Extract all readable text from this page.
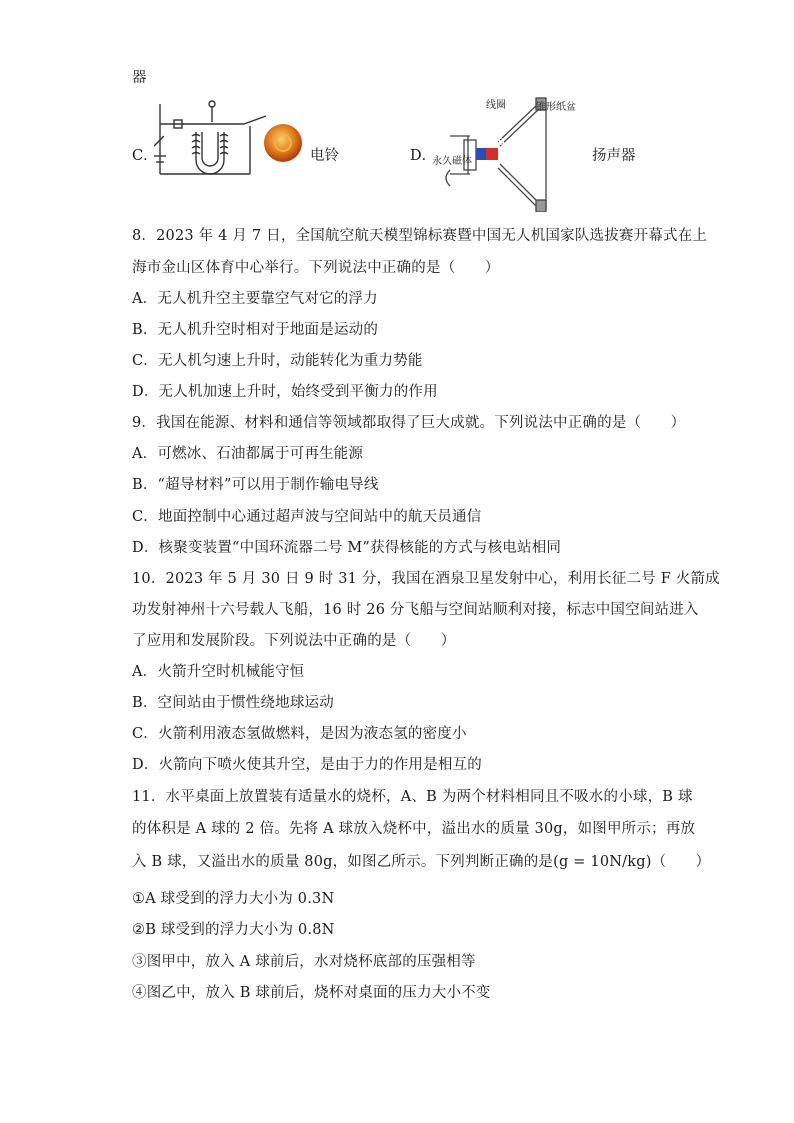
器
C．	电铃	D．
N S
线圈	锥形纸盆
永久磁体	扬声器
8．2023 年 4 月 7 日，全国航空航天模型锦标赛暨中国无人机国家队选拔赛开幕式在上
海市金山区体育中心举行。下列说法中正确的是（　　）
A．无人机升空主要靠空气对它的浮力
B．无人机升空时相对于地面是运动的
C．无人机匀速上升时，动能转化为重力势能
D．无人机加速上升时，始终受到平衡力的作用
9．我国在能源、材料和通信等领域都取得了巨大成就。下列说法中正确的是（　　）
A．可燃冰、石油都属于可再生能源
B．“超导材料”可以用于制作输电导线
C．地面控制中心通过超声波与空间站中的航天员通信
D．核聚变装置“中国环流器二号 M”获得核能的方式与核电站相同
10．2023 年 5 月 30 日 9 时 31 分，我国在酒泉卫星发射中心，利用长征二号 F 火箭成
功发射神州十六号载人飞船，16 时 26 分飞船与空间站顺利对接，标志中国空间站进入
了应用和发展阶段。下列说法中正确的是（　　）
A．火箭升空时机械能守恒
B．空间站由于惯性绕地球运动
C．火箭利用液态氢做燃料，是因为液态氢的密度小
D．火箭向下喷火使其升空，是由于力的作用是相互的
11．水平桌面上放置装有适量水的烧杯，A、B 为两个材料相同且不吸水的小球，B 球
的体积是 A 球的 2 倍。先将 A 球放入烧杯中，溢出水的质量 30g，如图甲所示；再放
入 B 球，又溢出水的质量 80g，如图乙所示。下列判断正确的是(g = 10N/kg)（　　）
①A 球受到的浮力大小为 0.3N
②B 球受到的浮力大小为 0.8N
③图甲中，放入 A 球前后，水对烧杯底部的压强相等
④图乙中，放入 B 球前后，烧杯对桌面的压力大小不变
